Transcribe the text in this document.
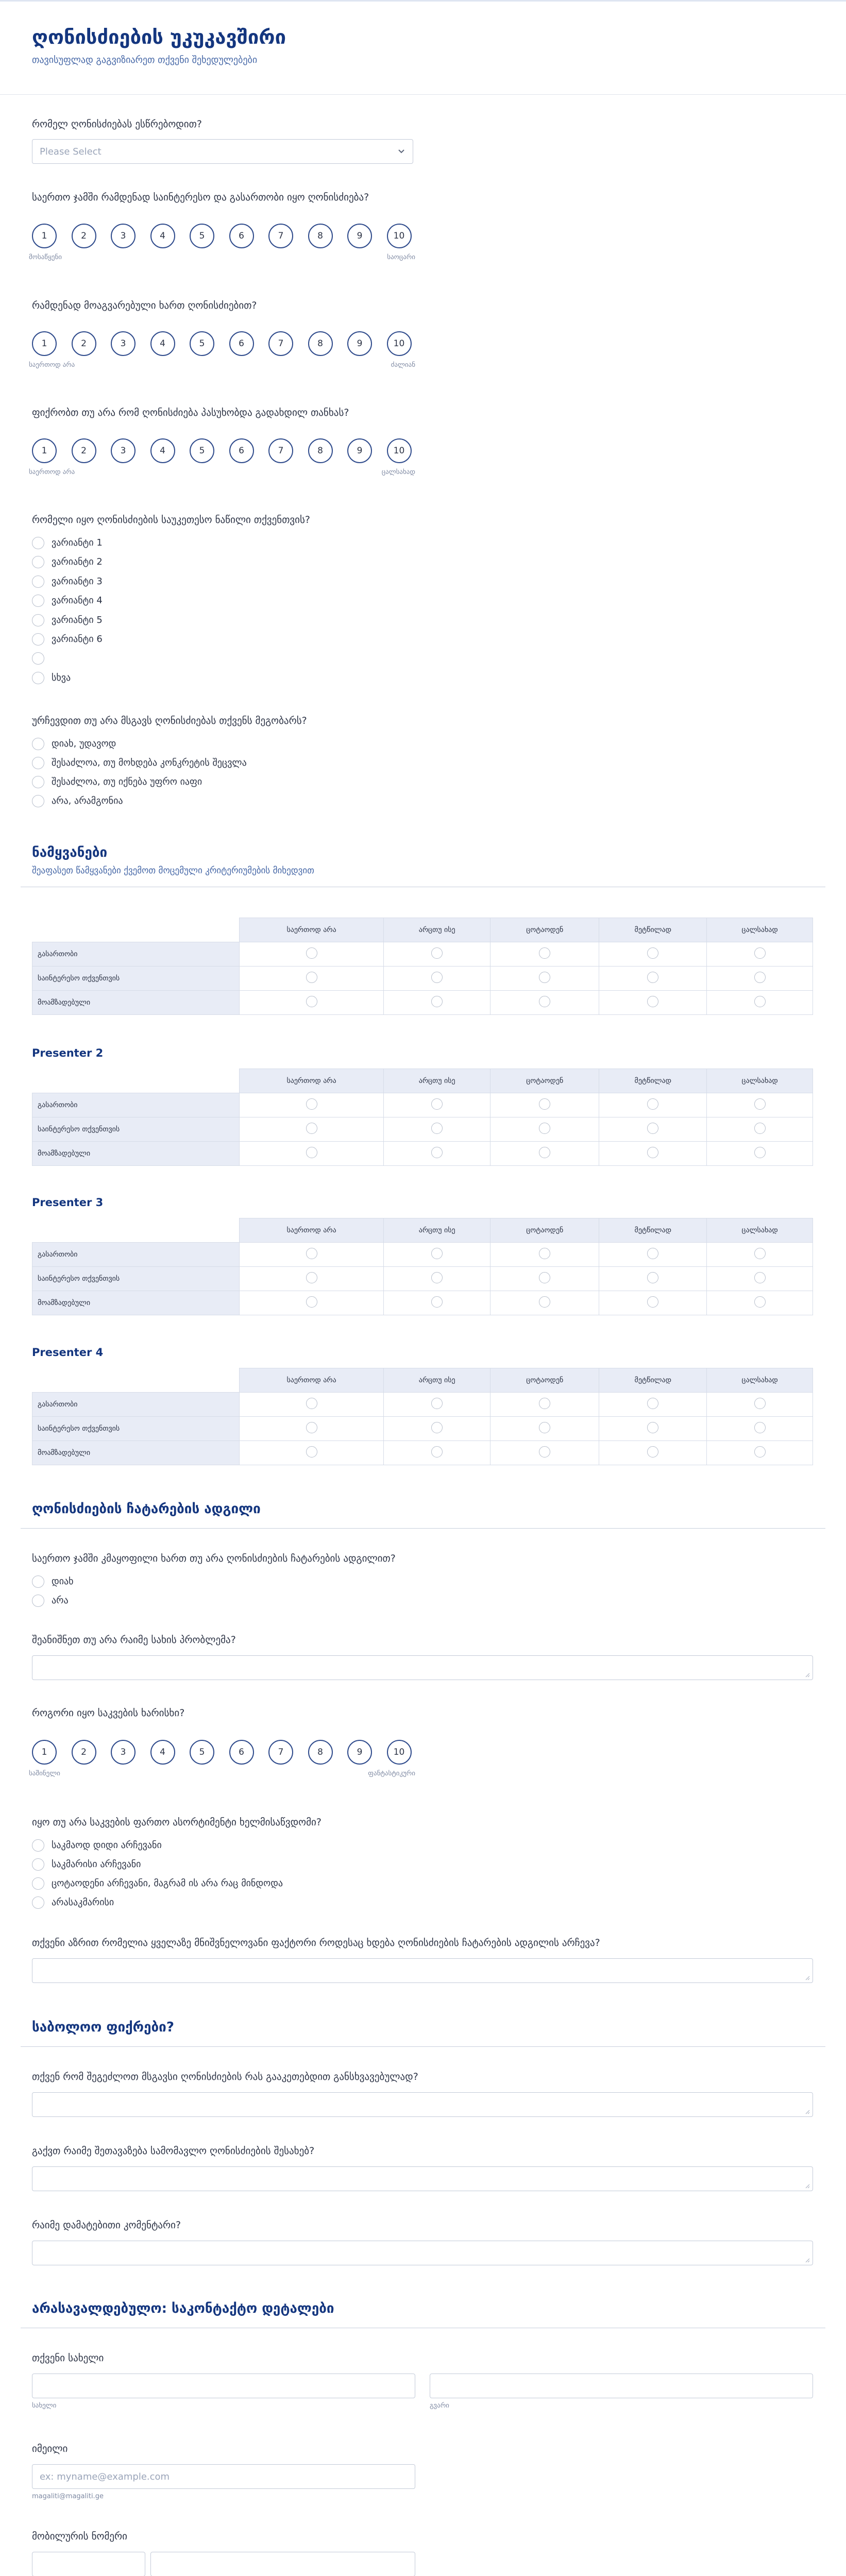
ღონისძიების უკუკავშირი
თავისუფლად გაგვიზიარეთ თქვენი შეხედულებები
რომელ ღონისძიებას ესწრებოდით?
Please Select
საერთო ჯამში რამდენად საინტერესო და გასართობი იყო ღონისძიება?
1	2	3	4	5	6	7	8	9	10
მოსაწყენი	საოცარი
რამდენად მოაგვარებული ხართ ღონისძიებით?
1	2	3	4	5	6	7	8	9	10
საერთოდ არა	ძალიან
ფიქრობთ თუ არა რომ ღონისძიება პასუხობდა გადახდილ თანხას?
1	2	3	4	5	6	7	8	9	10
საერთოდ არა	ცალსახად
რომელი იყო ღონისძიების საუკეთესო ნაწილი თქვენთვის?
ვარიანტი 1
ვარიანტი 2
ვარიანტი 3
ვარიანტი 4
ვარიანტი 5
ვარიანტი 6
სხვა
ურჩევდით თუ არა მსგავს ღონისძიებას თქვენს მეგობარს?
დიახ, უდავოდ
შესაძლოა, თუ მოხდება კონკრეტის შეცვლა
შესაძლოა, თუ იქნება უფრო იაფი
არა, არამგონია
ნამყვანები
შეაფასეთ წამყვანები ქვემოთ მოცემული კრიტერიუმების მიხედვით
	საერთოდ არა	არცთუ ისე	ცოტაოდენ	მეტწილად	ცალსახად
გასართობი					
საინტერესო თქვენთვის					
მოამზადებული					
Presenter 2
	საერთოდ არა	არცთუ ისე	ცოტაოდენ	მეტწილად	ცალსახად
გასართობი					
საინტერესო თქვენთვის					
მოამზადებული					
Presenter 3
	საერთოდ არა	არცთუ ისე	ცოტაოდენ	მეტწილად	ცალსახად
გასართობი					
საინტერესო თქვენთვის					
მოამზადებული					
Presenter 4
	საერთოდ არა	არცთუ ისე	ცოტაოდენ	მეტწილად	ცალსახად
გასართობი					
საინტერესო თქვენთვის					
მოამზადებული					
ღონისძიების ჩატარების ადგილი
საერთო ჯამში კმაყოფილი ხართ თუ არა ღონისძიების ჩატარების ადგილით?
დიახ
არა
შეანიშნეთ თუ არა რაიმე სახის პრობლემა?
როგორი იყო საკვების ხარისხი?
1	2	3	4	5	6	7	8	9	10
საშინელი	ფანტასტიკური
იყო თუ არა საკვების ფართო ასორტიმენტი ხელმისაწვდომი?
საკმაოდ დიდი არჩევანი
საკმარისი არჩევანი
ცოტაოდენი არჩევანი, მაგრამ ის არა რაც მინდოდა
არასაკმარისი
თქვენი აზრით რომელია ყველაზე მნიშვნელოვანი ფაქტორი როდესაც ხდება ღონისძიების ჩატარების ადგილის არჩევა?
საბოლოო ფიქრები?
თქვენ რომ შეგეძლოთ მსგავსი ღონისძიების რას გააკეთებდით განსხვავებულად?
გაქვთ რაიმე შეთავაზება სამომავლო ღონისძიების შესახებ?
რაიმე დამატებითი კომენტარი?
არასავალდებულო: საკონტაქტო დეტალები
თქვენი სახელი
სახელი	გვარი
იმეილი
ex: myname@example.com
magaliti@magaliti.ge
მობილურის ნომერი
